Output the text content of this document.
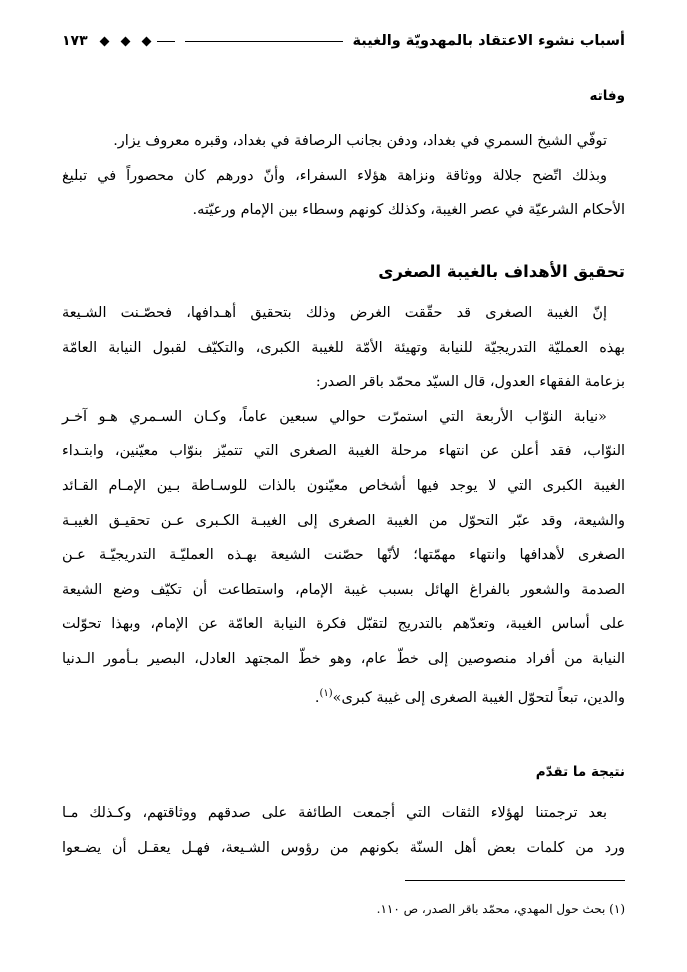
أسباب نشوء الاعتقاد بالمهدويّة والغيبة
١٧٣
وفاته

توفّي الشيخ السمري في بغداد، ودفن بجانب الرصافة في بغداد، وقبره معروف يزار.
وبذلك اتّضح جلالة ووثاقة ونزاهة هؤلاء السفراء، وأنّ دورهم كان محصوراً في تبليغ
الأحكام الشرعيّة في عصر الغيبة، وكذلك كونهم وسطاء بين الإمام ورعيّته.

تحقيق الأهداف بالغيبة الصغرى

إنّ الغيبة الصغرى قد حقّقت الغرض وذلك بتحقيق أهـدافها، فحصّـنت الشـيعة
بهذه العمليّة التدريجيّة للنيابة وتهيئة الأمّة للغيبة الكبرى، والتكيّف لقبول النيابة العامّة
بزعامة الفقهاء العدول، قال السيّد محمّد باقر الصدر:

«نيابة النوّاب الأربعة التي استمرّت حوالي سبعين عاماً، وكـان السـمري هـو آخـر
النوّاب، فقد أعلن عن انتهاء مرحلة الغيبة الصغرى التي تتميّز بنوّاب معيّنين، وابتـداء
الغيبة الكبرى التي لا يوجد فيها أشخاص معيّنون بالذات للوسـاطة بـين الإمـام القـائد
والشيعة، وقد عبّر التحوّل من الغيبة الصغرى إلى الغيبـة الكـبرى عـن تحقيـق الغيبـة
الصغرى لأهدافها وانتهاء مهمّتها؛ لأنّها حصّنت الشيعة بهـذه العمليّـة التدريجيّـة عـن
الصدمة والشعور بالفراغ الهائل بسبب غيبة الإمام، واستطاعت أن تكيّف وضع الشيعة
على أساس الغيبة، وتعدّهم بالتدريج لتقبّل فكرة النيابة العامّة عن الإمام، وبهذا تحوّلت
النيابة من أفراد منصوصين إلى خطّ عام، وهو خطّ المجتهد العادل، البصير بـأمور الـدنيا
والدين، تبعاً لتحوّل الغيبة الصغرى إلى غيبة كبرى»$^{(١)}$.

نتيجة ما تقدّم

بعد ترجمتنا لهؤلاء الثقات التي أجمعت الطائفة على صدقهم ووثاقتهم، وكـذلك مـا
ورد من كلمات بعض أهل السنّة بكونهم من رؤوس الشـيعة، فهـل يعقـل أن يضـعوا

(١) بحث حول المهدي، محمّد باقر الصدر، ص ١١٠.
